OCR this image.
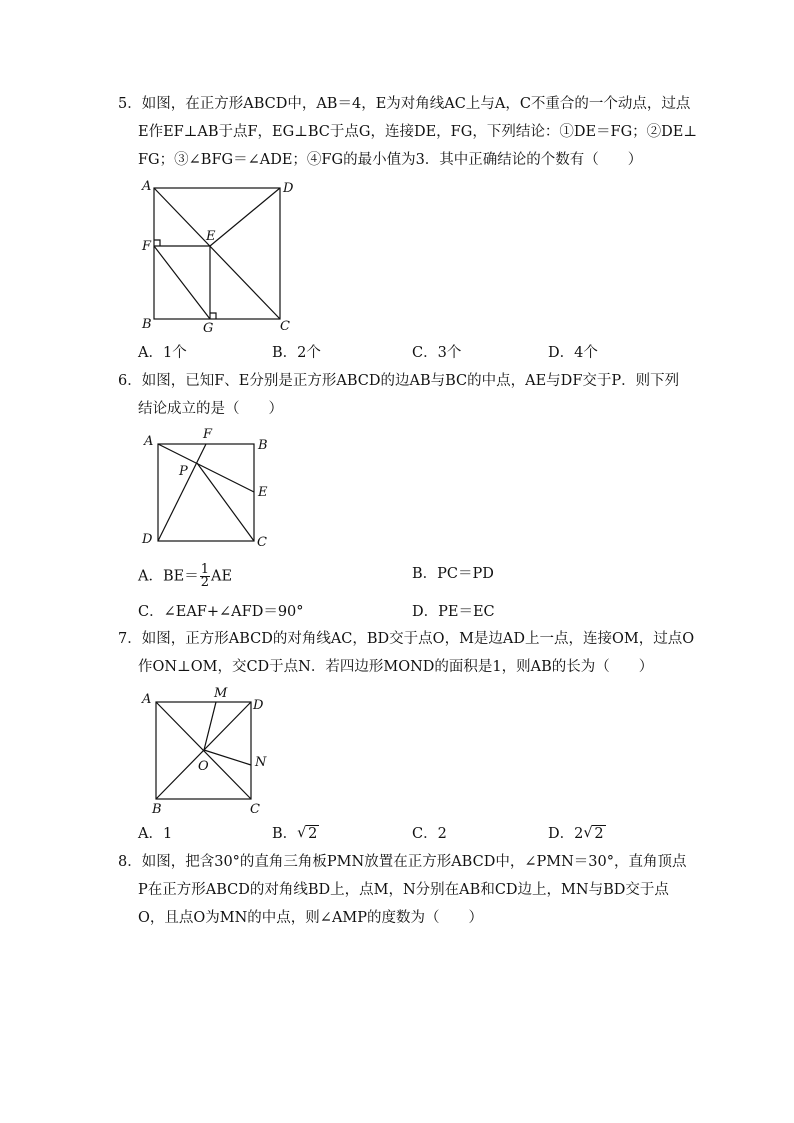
5．如图，在正方形ABCD中，AB＝4，E为对角线AC上与A，C不重合的一个动点，过点
E作EF⊥AB于点F，EG⊥BC于点G，连接DE，FG，下列结论：①DE＝FG；②DE⊥
FG；③∠BFG＝∠ADE；④FG的最小值为3．其中正确结论的个数有（　　）
A	D
E
F
B	G	C
A．1个	B．2个	C．3个	D．4个
6．如图，已知F、E分别是正方形ABCD的边AB与BC的中点，AE与DF交于P．则下列
结论成立的是（　　）
A	F
B
P
E
D	C
A．$BE= \frac{1}{2}$ AE	B．PC＝PD
C．∠EAF+∠AFD＝90°	D．PE＝EC
7．如图，正方形ABCD的对角线AC，BD交于点O，M是边AD上一点，连接OM，过点O
作ON⊥OM，交CD于点N．若四边形MOND的面积是1，则AB的长为（　　）
A	M
D
O	N
B	C
A．1	B． √ 2	C．2	D．2 √ 2
8．如图，把含30°的直角三角板PMN放置在正方形ABCD中，∠PMN＝30°，直角顶点
P在正方形ABCD的对角线BD上，点M，N分别在AB和CD边上，MN与BD交于点
O，且点O为MN的中点，则∠AMP的度数为（　　）
